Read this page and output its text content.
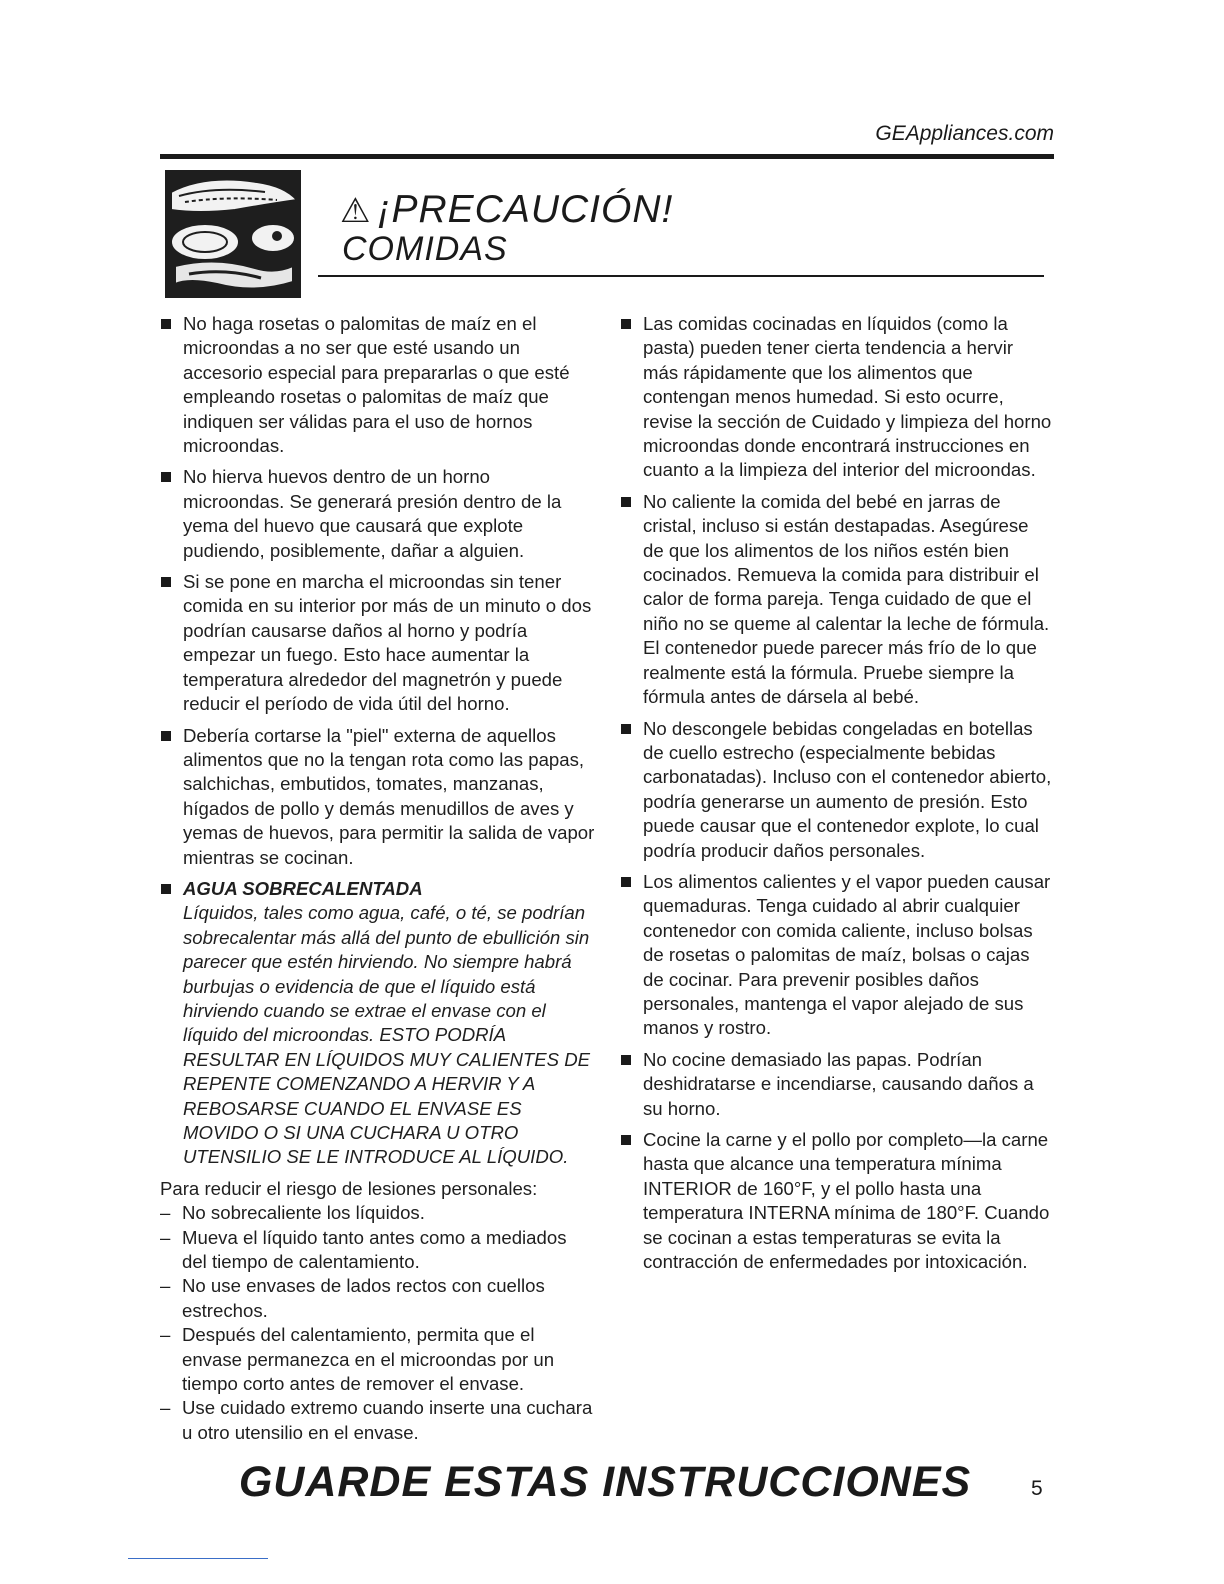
GEAppliances.com
⚠ ¡PRECAUCIÓN!
COMIDAS
No haga rosetas o palomitas de maíz en el microondas a no ser que esté usando un accesorio especial para prepararlas o que esté empleando rosetas o palomitas de maíz que indiquen ser válidas para el uso de hornos microondas.
No hierva huevos dentro de un horno microondas. Se generará presión dentro de la yema del huevo que causará que explote pudiendo, posiblemente, dañar a alguien.
Si se pone en marcha el microondas sin tener comida en su interior por más de un minuto o dos podrían causarse daños al horno y podría empezar un fuego. Esto hace aumentar la temperatura alrededor del magnetrón y puede reducir el período de vida útil del horno.
Debería cortarse la "piel" externa de aquellos alimentos que no la tengan rota como las papas, salchichas, embutidos, tomates, manzanas, hígados de pollo y demás menudillos de aves y yemas de huevos, para permitir la salida de vapor mientras se cocinan.
AGUA SOBRECALENTADA
Líquidos, tales como agua, café, o té, se podrían sobrecalentar más allá del punto de ebullición sin parecer que estén hirviendo. No siempre habrá burbujas o evidencia de que el líquido está hirviendo cuando se extrae el envase con el líquido del microondas. ESTO PODRÍA RESULTAR EN LÍQUIDOS MUY CALIENTES DE REPENTE COMENZANDO A HERVIR Y A REBOSARSE CUANDO EL ENVASE ES MOVIDO O SI UNA CUCHARA U OTRO UTENSILIO SE LE INTRODUCE AL LÍQUIDO.

Para reducir el riesgo de lesiones personales:

– No sobrecaliente los líquidos.
– Mueva el líquido tanto antes como a mediados del tiempo de calentamiento.
– No use envases de lados rectos con cuellos estrechos.
– Después del calentamiento, permita que el envase permanezca en el microondas por un tiempo corto antes de remover el envase.
– Use cuidado extremo cuando inserte una cuchara u otro utensilio en el envase.
Las comidas cocinadas en líquidos (como la pasta) pueden tener cierta tendencia a hervir más rápidamente que los alimentos que contengan menos humedad. Si esto ocurre, revise la sección de Cuidado y limpieza del horno microondas donde encontrará instrucciones en cuanto a la limpieza del interior del microondas.
No caliente la comida del bebé en jarras de cristal, incluso si están destapadas. Asegúrese de que los alimentos de los niños estén bien cocinados. Remueva la comida para distribuir el calor de forma pareja. Tenga cuidado de que el niño no se queme al calentar la leche de fórmula. El contenedor puede parecer más frío de lo que realmente está la fórmula. Pruebe siempre la fórmula antes de dársela al bebé.
No descongele bebidas congeladas en botellas de cuello estrecho (especialmente bebidas carbonatadas). Incluso con el contenedor abierto, podría generarse un aumento de presión. Esto puede causar que el contenedor explote, lo cual podría producir daños personales.
Los alimentos calientes y el vapor pueden causar quemaduras. Tenga cuidado al abrir cualquier contenedor con comida caliente, incluso bolsas de rosetas o palomitas de maíz, bolsas o cajas de cocinar. Para prevenir posibles daños personales, mantenga el vapor alejado de sus manos y rostro.
No cocine demasiado las papas. Podrían deshidratarse e incendiarse, causando daños a su horno.
Cocine la carne y el pollo por completo—la carne hasta que alcance una temperatura mínima INTERIOR de 160°F, y el pollo hasta una temperatura INTERNA mínima de 180°F. Cuando se cocinan a estas temperaturas se evita la contracción de enfermedades por intoxicación.
GUARDE ESTAS INSTRUCCIONES	5
